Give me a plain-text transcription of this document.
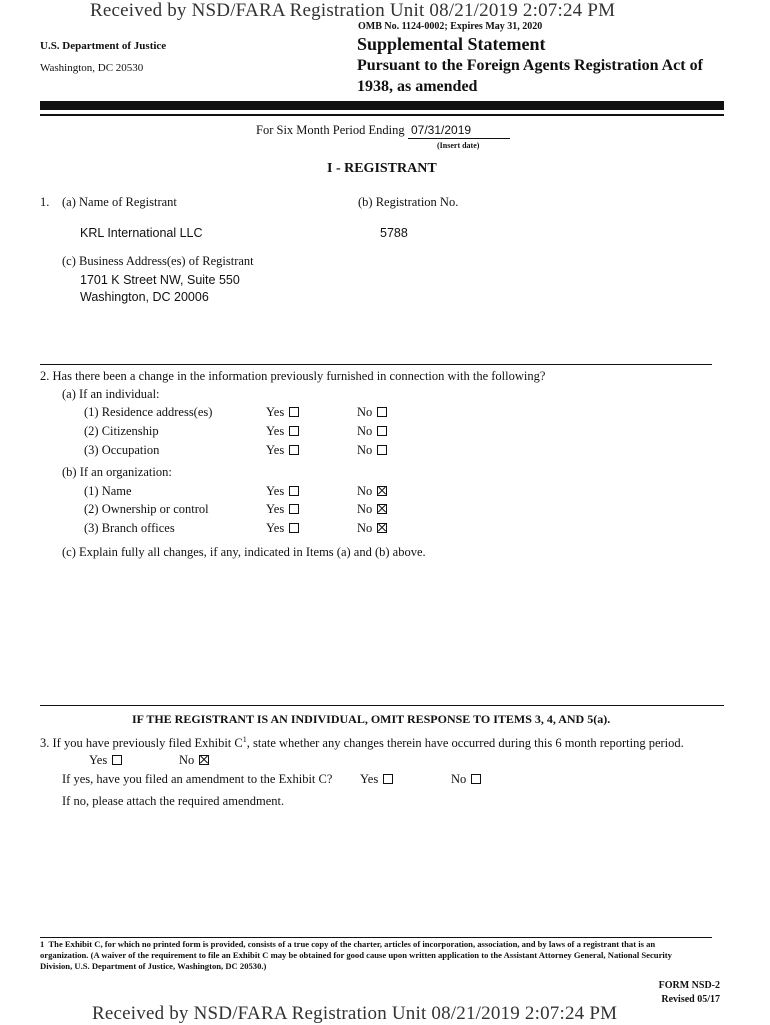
Received by NSD/FARA Registration Unit 08/21/2019 2:07:24 PM
OMB No. 1124-0002; Expires May 31, 2020
U.S. Department of Justice
Washington, DC 20530
Supplemental Statement
Pursuant to the Foreign Agents Registration Act of
1938, as amended
For Six Month Period Ending 07/31/2019
(Insert date)
I - REGISTRANT
1. (a) Name of Registrant
KRL International LLC
(b) Registration No.
5788
(c) Business Address(es) of Registrant
1701 K Street NW, Suite 550
Washington, DC 20006
2. Has there been a change in the information previously furnished in connection with the following?
(a) If an individual:
(1) Residence address(es)	Yes	No
(2) Citizenship	Yes	No
(3) Occupation	Yes	No
(b) If an organization:
(1) Name	Yes	No
(2) Ownership or control	Yes	No
(3) Branch offices	Yes	No
(c) Explain fully all changes, if any, indicated in Items (a) and (b) above.
IF THE REGISTRANT IS AN INDIVIDUAL, OMIT RESPONSE TO ITEMS 3, 4, AND 5(a).
3. If you have previously filed Exhibit $C^1$, state whether any changes therein have occurred during this 6 month reporting period.
Yes	No
If yes, have you filed an amendment to the Exhibit C? Yes	No
If no, please attach the required amendment.
1 The Exhibit C, for which no printed form is provided, consists of a true copy of the charter, articles of incorporation, association, and by laws of a registrant that is an
organization. (A waiver of the requirement to file an Exhibit C may be obtained for good cause upon written application to the Assistant Attorney General, National Security
Division, U.S. Department of Justice, Washington, DC 20530.)
FORM NSD-2
Revised 05/17
Received by NSD/FARA Registration Unit 08/21/2019 2:07:24 PM
